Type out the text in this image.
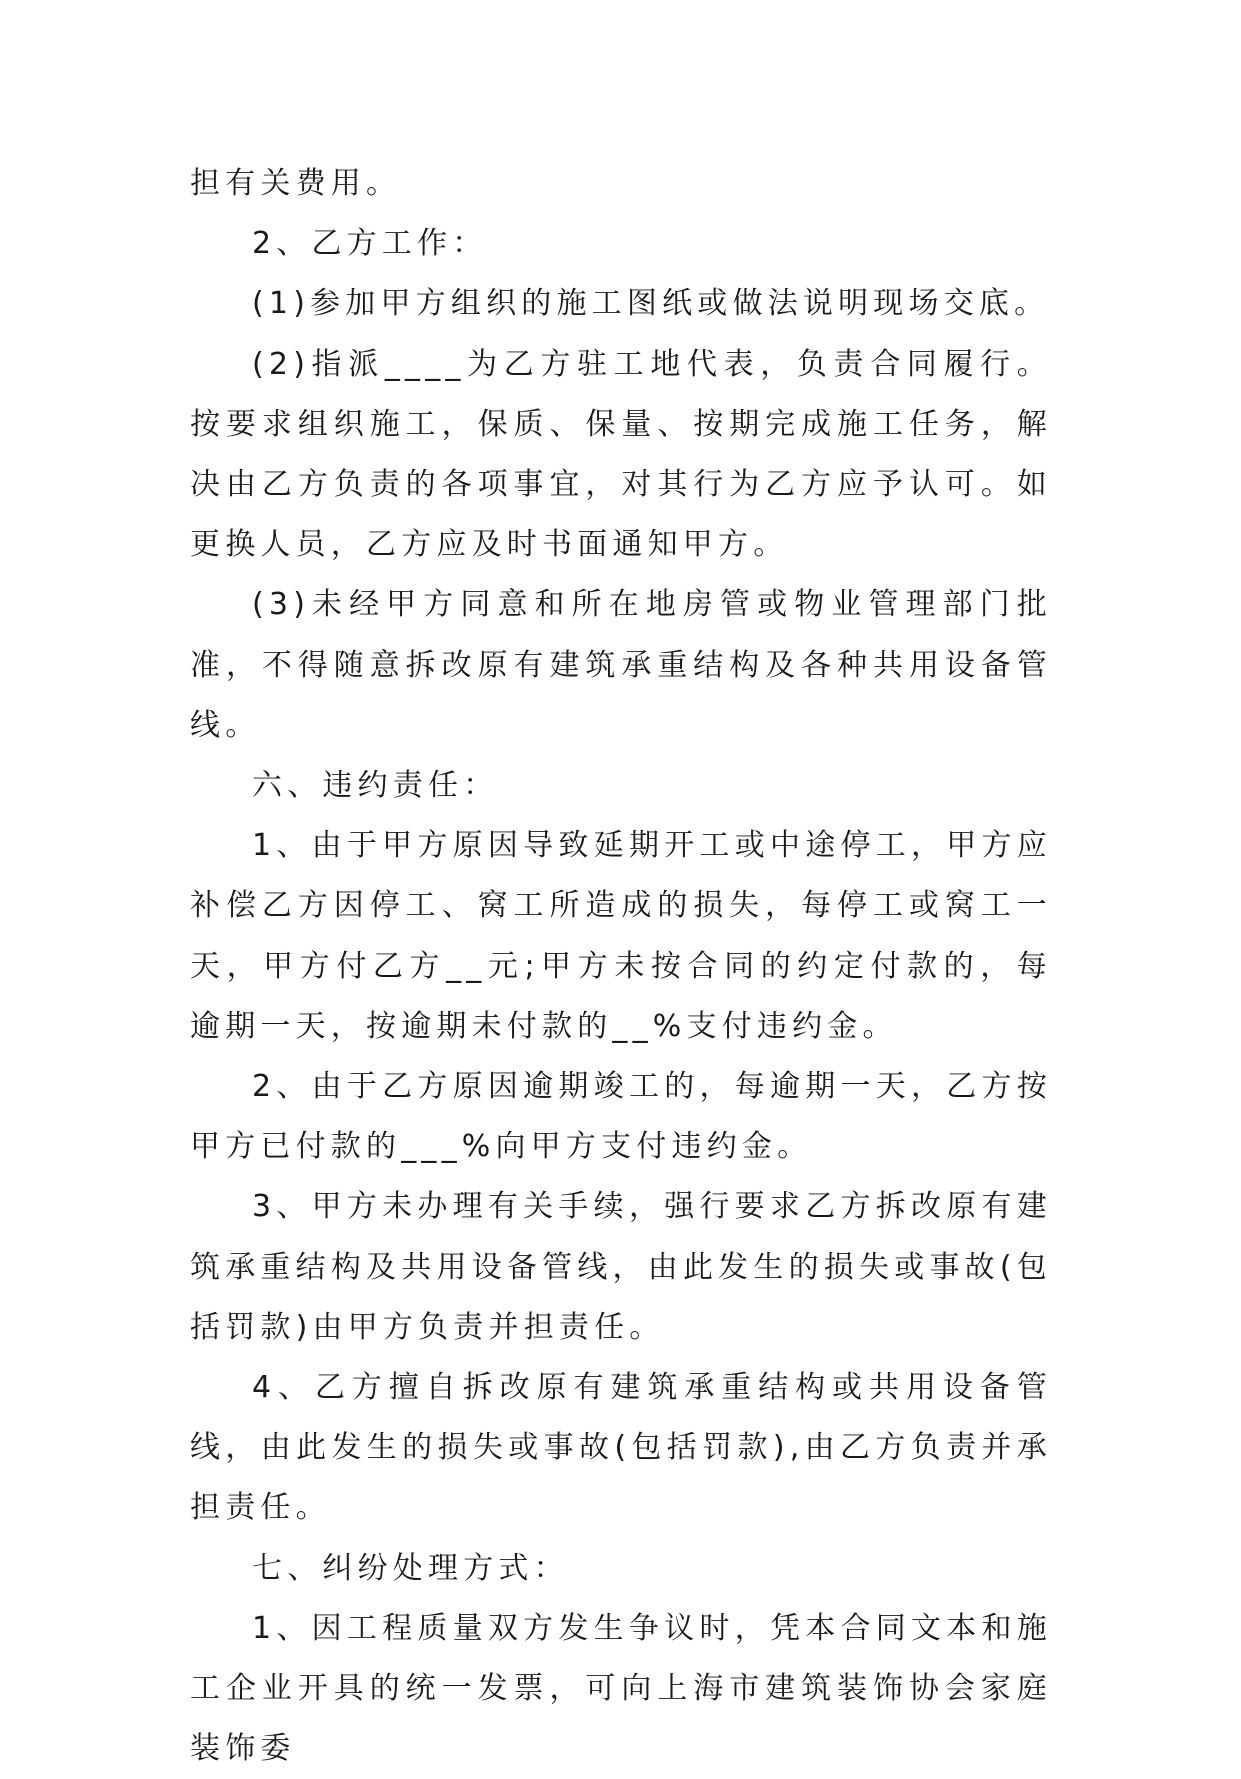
担有关费用。

2、乙方工作：

(1)参加甲方组织的施工图纸或做法说明现场交底。

(2)指派____为乙方驻工地代表，负责合同履行。按要求组织施工，保质、保量、按期完成施工任务，解决由乙方负责的各项事宜，对其行为乙方应予认可。如更换人员，乙方应及时书面通知甲方。

(3)未经甲方同意和所在地房管或物业管理部门批准，不得随意拆改原有建筑承重结构及各种共用设备管线。

六、违约责任：

1、由于甲方原因导致延期开工或中途停工，甲方应补偿乙方因停工、窝工所造成的损失，每停工或窝工一天，甲方付乙方__元;甲方未按合同的约定付款的，每逾期一天，按逾期未付款的__%支付违约金。

2、由于乙方原因逾期竣工的，每逾期一天，乙方按甲方已付款的___%向甲方支付违约金。

3、甲方未办理有关手续，强行要求乙方拆改原有建筑承重结构及共用设备管线，由此发生的损失或事故(包括罚款)由甲方负责并担责任。

4、乙方擅自拆改原有建筑承重结构或共用设备管线，由此发生的损失或事故(包括罚款),由乙方负责并承担责任。

七、纠纷处理方式：

1、因工程质量双方发生争议时，凭本合同文本和施工企业开具的统一发票，可向上海市建筑装饰协会家庭装饰委
